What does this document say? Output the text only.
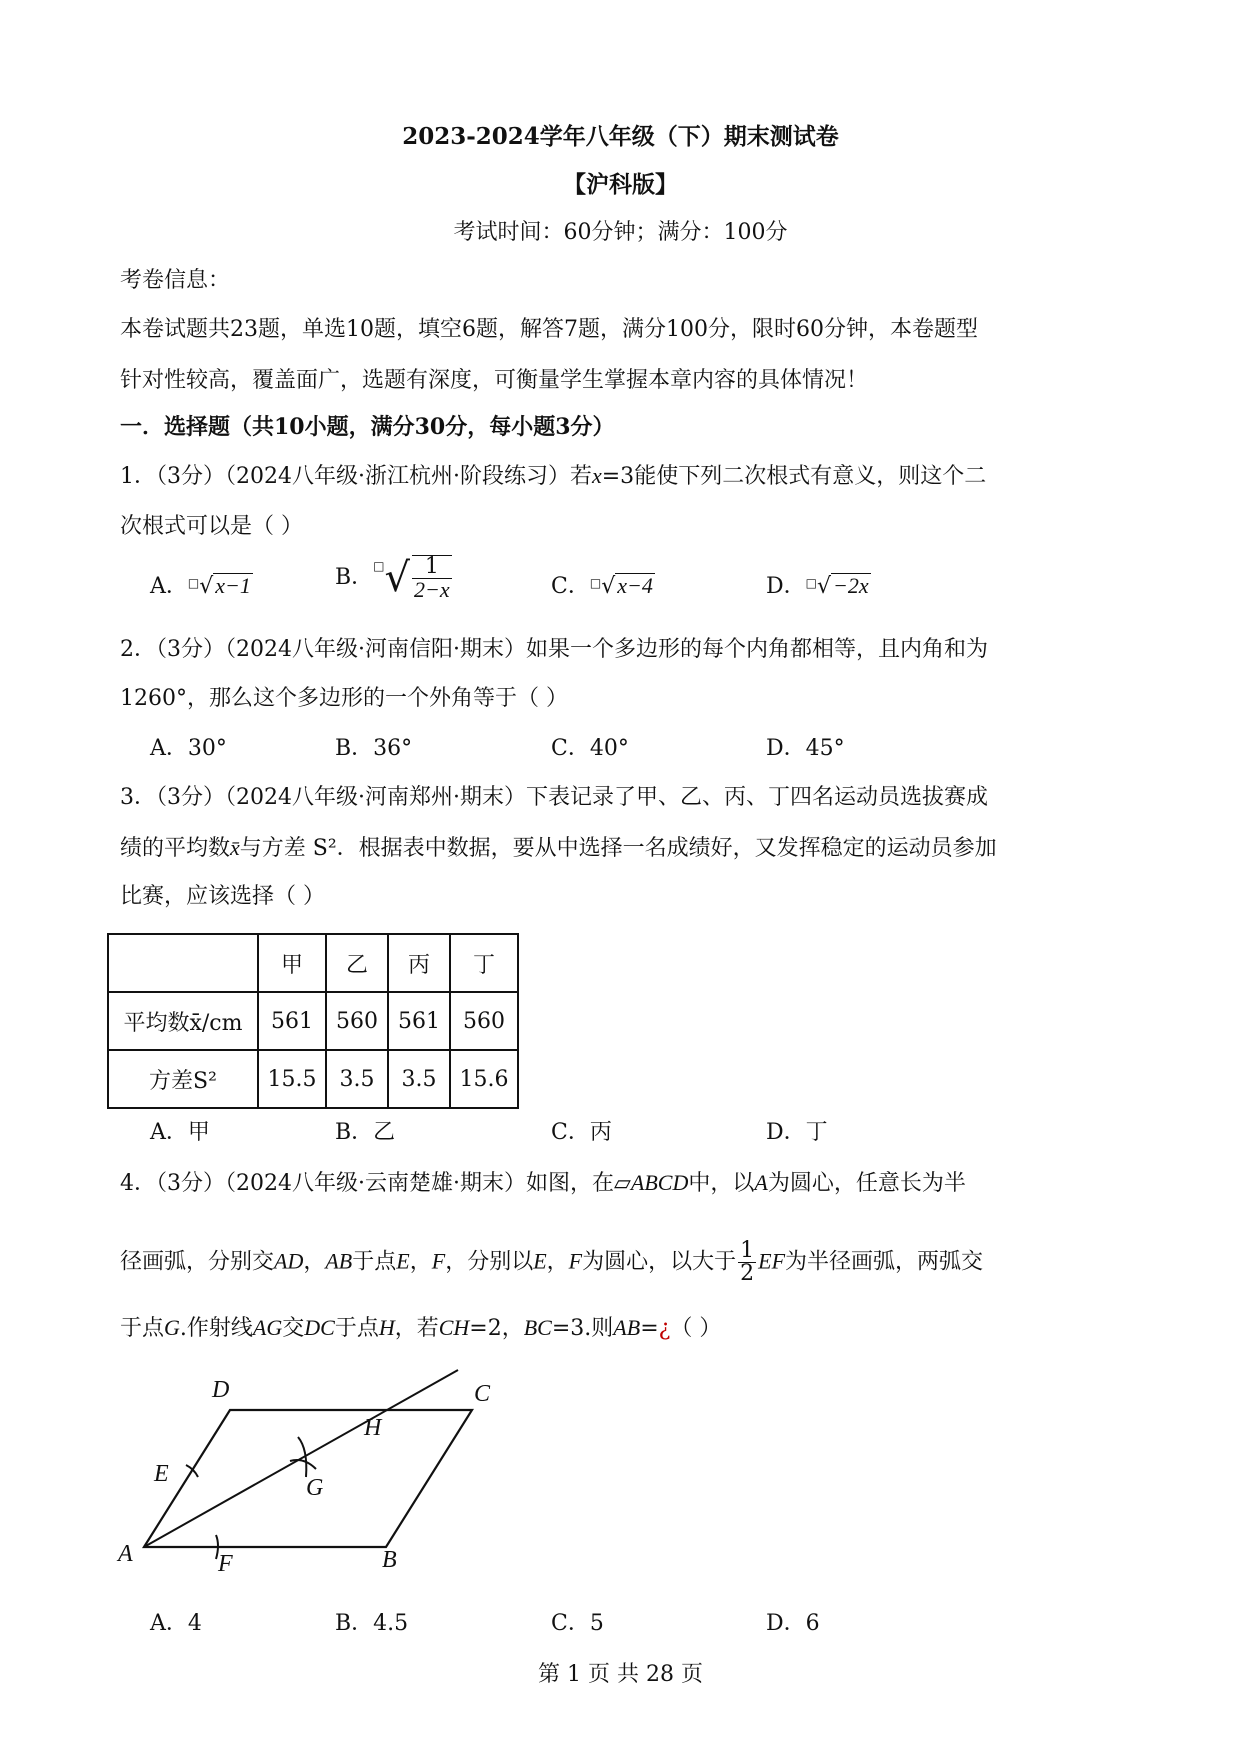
2023-2024学年八年级（下）期末测试卷
【沪科版】
考试时间：60分钟；满分：100分
考卷信息：
本卷试题共23题，单选10题，填空6题，解答7题，满分100分，限时60分钟，本卷题型
针对性较高，覆盖面广，选题有深度，可衡量学生掌握本章内容的具体情况！
一．选择题（共10小题，满分30分，每小题3分）
1．（3分）（2024八年级·浙江杭州·阶段练习）若x=3能使下列二次根式有意义，则这个二
次根式可以是（ ）
A．□√x−1	B．$^□√ \frac{1}{2-x}$	C．□√x−4	D．□√−2x
2．（3分）（2024八年级·河南信阳·期末）如果一个多边形的每个内角都相等，且内角和为
1260°，那么这个多边形的一个外角等于（ ）
A．30°	B．36°	C．40°	D．45°
3．（3分）（2024八年级·河南郑州·期末）下表记录了甲、乙、丙、丁四名运动员选拔赛成
绩的平均数x̄与方差 S²．根据表中数据，要从中选择一名成绩好，又发挥稳定的运动员参加
比赛，应该选择（ ）
	甲	乙	丙	丁
平均数x̄/cm	561	560	561	560
方差S²	15.5	3.5	3.5	15.6
A．甲	B．乙	C．丙	D．丁
4．（3分）（2024八年级·云南楚雄·期末）如图，在▱ABCD中，以A为圆心，任意长为半
径画弧，分别交AD，AB于点E，F，分别以E，F为圆心，以大于 $\frac{1}{2}$ EF为半径画弧，两弧交
于点G.作射线AG交DC于点H，若CH=2，BC=3.则AB=¿（ ）
D	C
H
E
G
A	F	B
A．4	B．4.5	C．5	D．6
第 1 页 共 28 页
